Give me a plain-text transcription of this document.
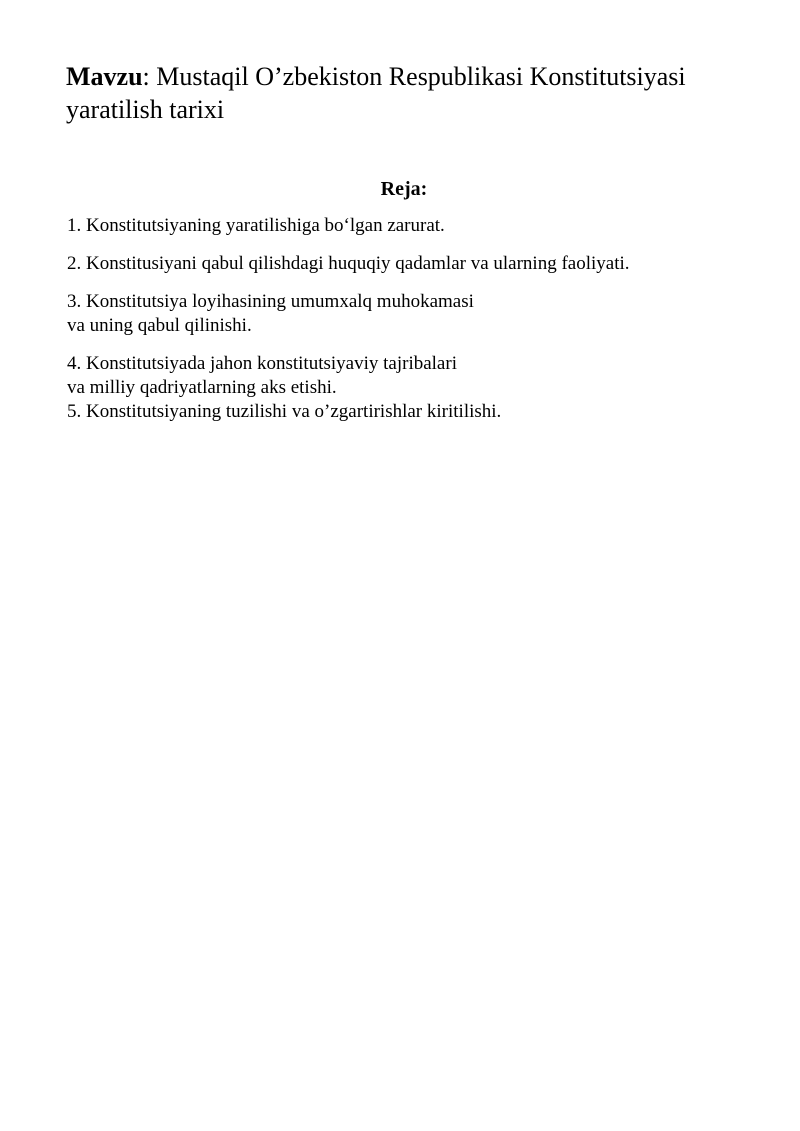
Mavzu: Mustaqil O’zbekiston Respublikasi Konstitutsiyasi yaratilish tarixi
Reja:
1. Konstitutsiyaning yaratilishiga bo‘lgan zarurat.
2. Konstitusiyani qabul qilishdagi huquqiy qadamlar va ularning faoliyati.
3. Konstitutsiya loyihasining umumxalq muhokamasi
va uning qabul qilinishi.
4. Konstitutsiyada jahon konstitutsiyaviy tajribalari
va milliy qadriyatlarning aks etishi.
5. Konstitutsiyaning tuzilishi va o’zgartirishlar kiritilishi.
